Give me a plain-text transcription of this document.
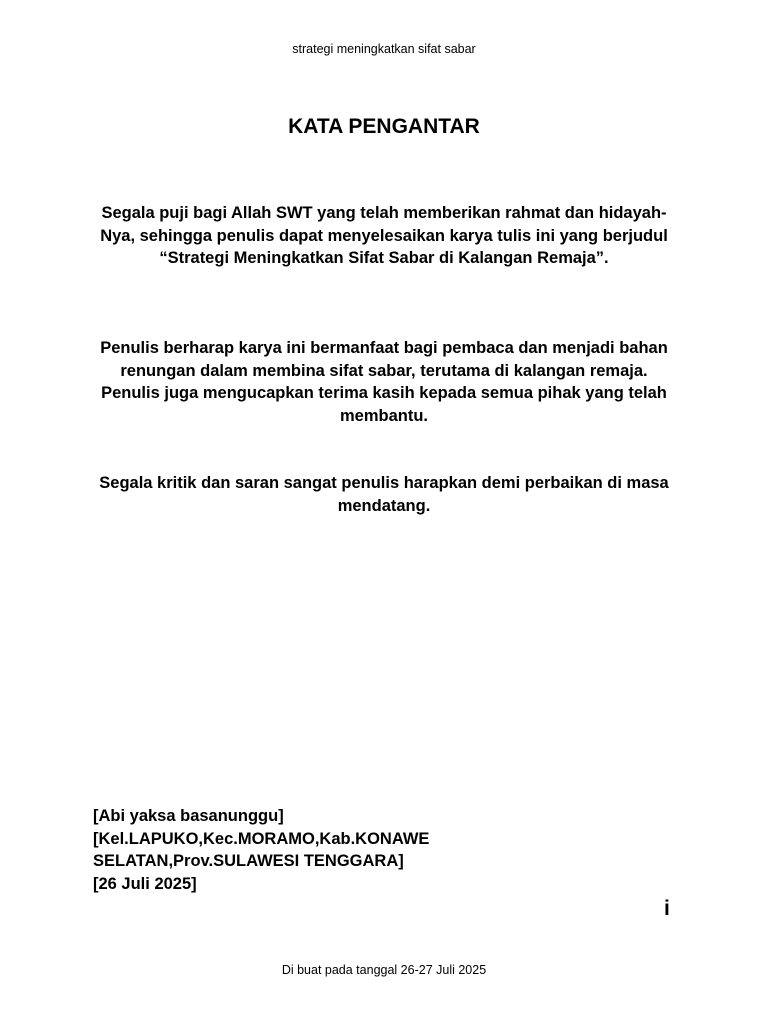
strategi meningkatkan sifat sabar
KATA PENGANTAR

Segala puji bagi Allah SWT yang telah memberikan rahmat dan hidayah-Nya, sehingga penulis dapat menyelesaikan karya tulis ini yang berjudul “Strategi Meningkatkan Sifat Sabar di Kalangan Remaja”.

Penulis berharap karya ini bermanfaat bagi pembaca dan menjadi bahan renungan dalam membina sifat sabar, terutama di kalangan remaja. Penulis juga mengucapkan terima kasih kepada semua pihak yang telah membantu.

Segala kritik dan saran sangat penulis harapkan demi perbaikan di masa mendatang.

[Abi yaksa basanunggu]
[Kel.LAPUKO,Kec.MORAMO,Kab.KONAWE SELATAN,Prov.SULAWESI TENGGARA]
[26 Juli 2025]
i
Di buat pada tanggal 26-27 Juli 2025
